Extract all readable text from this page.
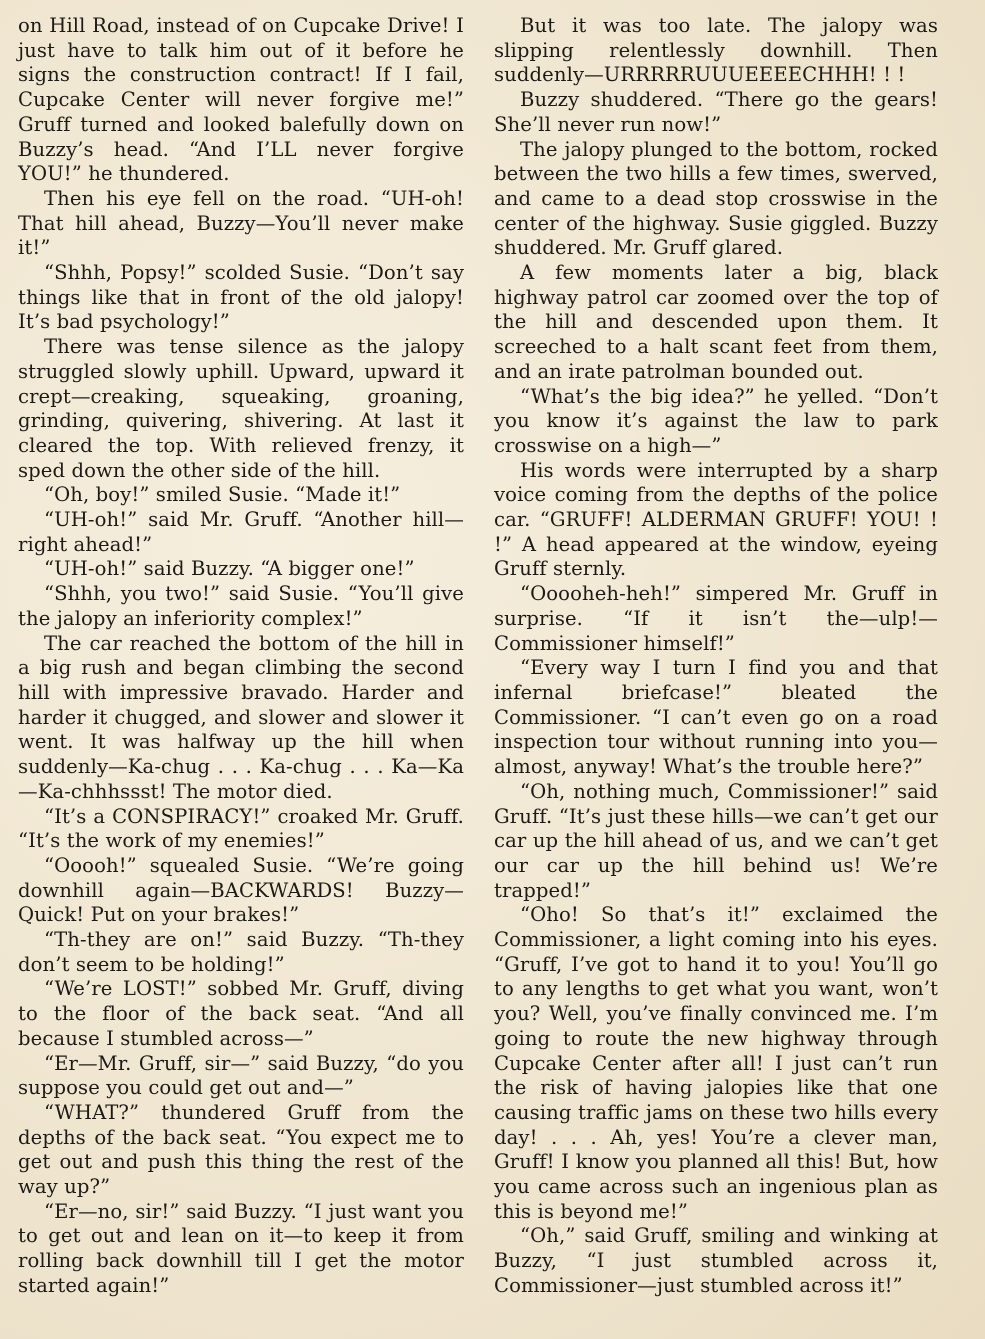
on Hill Road, instead of on Cupcake Drive! I just have to talk him out of it before he signs the construction contract! If I fail, Cupcake Center will never forgive me!” Gruff turned and looked balefully down on Buzzy’s head. “And I’LL never forgive YOU!” he thundered.

Then his eye fell on the road. “UH-oh! That hill ahead, Buzzy—You’ll never make it!”

“Shhh, Popsy!” scolded Susie. “Don’t say things like that in front of the old jalopy! It’s bad psychology!”

There was tense silence as the jalopy struggled slowly uphill. Upward, upward it crept—creaking, squeaking, groaning, grinding, quivering, shivering. At last it cleared the top. With relieved frenzy, it sped down the other side of the hill.

“Oh, boy!” smiled Susie. “Made it!”

“UH-oh!” said Mr. Gruff. “Another hill—right ahead!”

“UH-oh!” said Buzzy. “A bigger one!”

“Shhh, you two!” said Susie. “You’ll give the jalopy an inferiority complex!”

The car reached the bottom of the hill in a big rush and began climbing the second hill with impressive bravado. Harder and harder it chugged, and slower and slower it went. It was halfway up the hill when suddenly—Ka-chug . . . Ka-chug . . . Ka—Ka—Ka-chhhssst! The motor died.

“It’s a CONSPIRACY!” croaked Mr. Gruff. “It’s the work of my enemies!”

“Ooooh!” squealed Susie. “We’re going downhill again—BACKWARDS! Buzzy—Quick! Put on your brakes!”

“Th-they are on!” said Buzzy. “Th-they don’t seem to be holding!”

“We’re LOST!” sobbed Mr. Gruff, diving to the floor of the back seat. “And all because I stumbled across—”

“Er—Mr. Gruff, sir—” said Buzzy, “do you suppose you could get out and—”

“WHAT?” thundered Gruff from the depths of the back seat. “You expect me to get out and push this thing the rest of the way up?”

“Er—no, sir!” said Buzzy. “I just want you to get out and lean on it—to keep it from rolling back downhill till I get the motor started again!”

But it was too late. The jalopy was slipping relentlessly downhill. Then suddenly—URRRRRUUUEEEECHHH! ! !

Buzzy shuddered. “There go the gears! She’ll never run now!”

The jalopy plunged to the bottom, rocked between the two hills a few times, swerved, and came to a dead stop crosswise in the center of the highway. Susie giggled. Buzzy shuddered. Mr. Gruff glared.

A few moments later a big, black highway patrol car zoomed over the top of the hill and descended upon them. It screeched to a halt scant feet from them, and an irate patrolman bounded out.

“What’s the big idea?” he yelled. “Don’t you know it’s against the law to park crosswise on a high—”

His words were interrupted by a sharp voice coming from the depths of the police car. “GRUFF! ALDERMAN GRUFF! YOU! ! !” A head appeared at the window, eyeing Gruff sternly.

“Ooooheh-heh!” simpered Mr. Gruff in surprise. “If it isn’t the—ulp!—Commissioner himself!”

“Every way I turn I find you and that infernal briefcase!” bleated the Commissioner. “I can’t even go on a road inspection tour without running into you—almost, anyway! What’s the trouble here?”

“Oh, nothing much, Commissioner!” said Gruff. “It’s just these hills—we can’t get our car up the hill ahead of us, and we can’t get our car up the hill behind us! We’re trapped!”

“Oho! So that’s it!” exclaimed the Commissioner, a light coming into his eyes. “Gruff, I’ve got to hand it to you! You’ll go to any lengths to get what you want, won’t you? Well, you’ve finally convinced me. I’m going to route the new highway through Cupcake Center after all! I just can’t run the risk of having jalopies like that one causing traffic jams on these two hills every day! . . . Ah, yes! You’re a clever man, Gruff! I know you planned all this! But, how you came across such an ingenious plan as this is beyond me!”

“Oh,” said Gruff, smiling and winking at Buzzy, “I just stumbled across it, Commissioner—just stumbled across it!”
